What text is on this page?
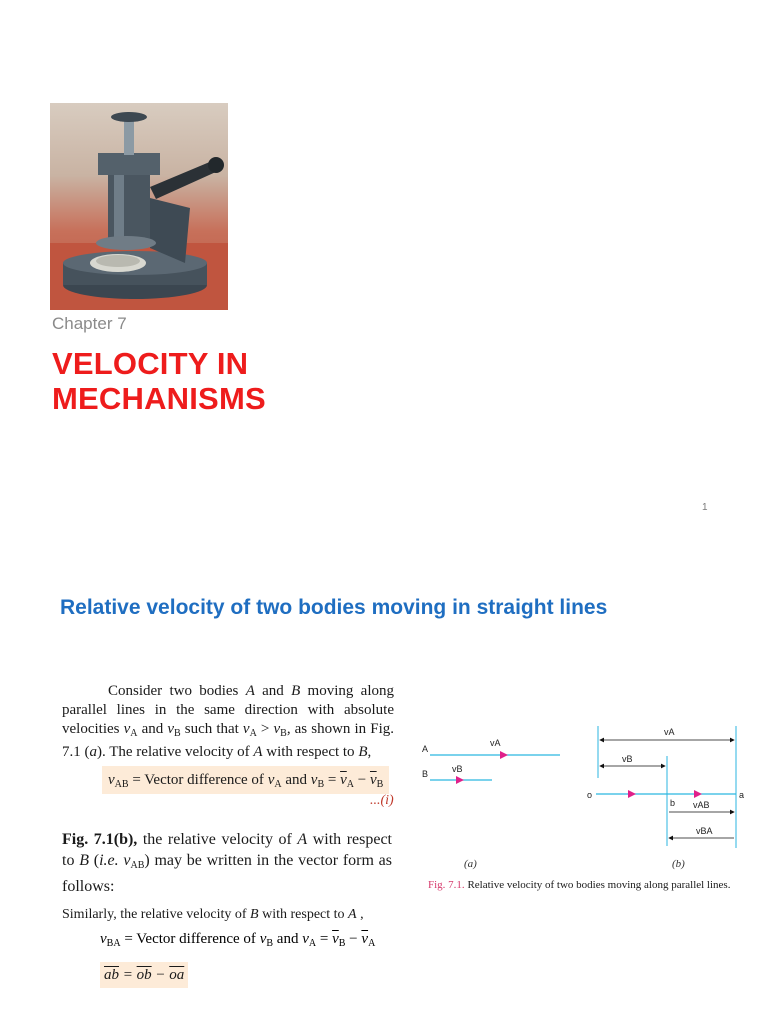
Chapter 7
VELOCITY IN
MECHANISMS
1
Relative velocity of two bodies moving in straight lines
Consider two bodies A and B moving along parallel lines in the same direction with absolute velocities $v_A$ and $v_B$ such that $v_A > v_B$, as shown in Fig. 7.1 (a). The relative velocity of A with respect to B,
$v_{AB}$ = Vector difference of $v_A$ and $v_B = \overline{v}_A - \overline{v}_B$
...(i)
Fig. 7.1(b), the relative velocity of A with respect to B (i.e. $v_{AB}$) may be written in the vector form as follows:
Similarly, the relative velocity of B with respect to A ,
$v_{BA}$ = Vector difference of $v_B$ and $v_A = \overline{v}_B - \overline{v}_A$
$\overline{ab} = \overline{ob} - \overline{oa}$
A
vA
B	vB
vA
vB
o	a
b vAB
vBA
(a)	(b)
Fig. 7.1. Relative velocity of two bodies moving along parallel lines.
